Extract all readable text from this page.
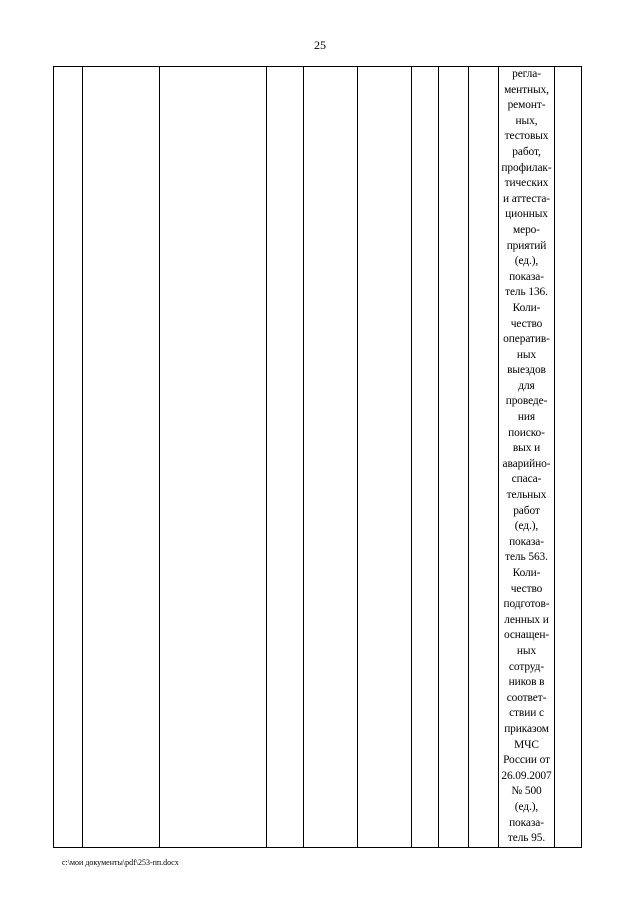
25

регла-
ментных,
ремонт-
ных,
тестовых
работ,
профилак-
тических
и аттеста-
ционных
меро-
приятий
(ед.),
показа-
тель 136.
Коли-
чество
оператив-
ных
выездов
для
проведе-
ния
поиско-
вых и
аварийно-
спаса-
тельных
работ
(ед.),
показа-
тель 563.
Коли-
чество
подготов-
ленных и
оснащен-
ных
сотруд-
ников в
соответ-
ствии с
приказом
МЧС
России от
26.09.2007
№ 500
(ед.),
показа-
тель 95.

c:\мои документы\pdf\253-пп.docx
